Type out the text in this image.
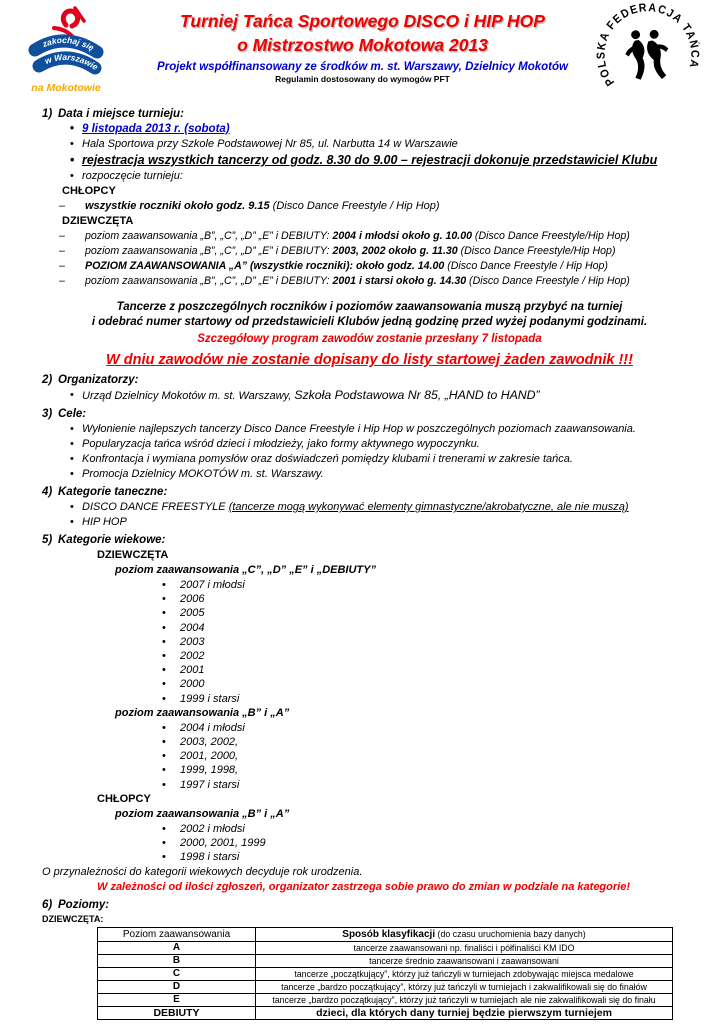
zakochaj się
w Warszawie
na Mokotowie
Turniej Tańca Sportowego DISCO i HIP HOP
o Mistrzostwo Mokotowa 2013
Projekt współfinansowany ze środków m. st. Warszawy, Dzielnicy Mokotów
Regulamin dostosowany do wymogów PFT	POLSKA FEDERACJA TAŃCA
1) Data i miejsce turnieju:
• 9 listopada 2013 r. (sobota)
• Hala Sportowa przy Szkole Podstawowej Nr 85, ul. Narbutta 14 w Warszawie
• rejestracja wszystkich tancerzy od godz. 8.30 do 9.00 – rejestracji dokonuje przedstawiciel Klubu
• rozpoczęcie turnieju:
CHŁOPCY
– wszystkie roczniki około godz. 9.15 (Disco Dance Freestyle / Hip Hop)
DZIEWCZĘTA
– poziom zaawansowania „B”, „C”, „D” „E” i DEBIUTY: 2004 i młodsi około g. 10.00 (Disco Dance Freestyle/Hip Hop)
– poziom zaawansowania „B”, „C”, „D” „E” i DEBIUTY: 2003, 2002 około g. 11.30 (Disco Dance Freestyle/Hip Hop)
– POZIOM ZAAWANSOWANIA „A” (wszystkie roczniki): około godz. 14.00 (Disco Dance Freestyle / Hip Hop)
– poziom zaawansowania „B”, „C”, „D” „E” i DEBIUTY: 2001 i starsi około g. 14.30 (Disco Dance Freestyle / Hip Hop)
Tancerze z poszczególnych roczników i poziomów zaawansowania muszą przybyć na turniej
i odebrać numer startowy od przedstawicieli Klubów jedną godzinę przed wyżej podanymi godzinami.
Szczegółowy program zawodów zostanie przesłany 7 listopada
W dniu zawodów nie zostanie dopisany do listy startowej żaden zawodnik !!!
2) Organizatorzy:
• Urząd Dzielnicy Mokotów m. st. Warszawy, Szkoła Podstawowa Nr 85, „HAND to HAND”
3) Cele:
• Wyłonienie najlepszych tancerzy Disco Dance Freestyle i Hip Hop w poszczególnych poziomach zaawansowania.
• Popularyzacja tańca wśród dzieci i młodzieży, jako formy aktywnego wypoczynku.
• Konfrontacja i wymiana pomysłów oraz doświadczeń pomiędzy klubami i trenerami w zakresie tańca.
• Promocja Dzielnicy MOKOTÓW m. st. Warszawy.
4) Kategorie taneczne:
• DISCO DANCE FREESTYLE (tancerze mogą wykonywać elementy gimnastyczne/akrobatyczne, ale nie muszą)
• HIP HOP
5) Kategorie wiekowe:
DZIEWCZĘTA
poziom zaawansowania „C”, „D” „E” i „DEBIUTY”
• 2007 i młodsi
• 2006
• 2005
• 2004
• 2003
• 2002
• 2001
• 2000
• 1999 i starsi
poziom zaawansowania „B” i „A”
• 2004 i młodsi
• 2003, 2002,
• 2001, 2000,
• 1999, 1998,
• 1997 i starsi
CHŁOPCY
poziom zaawansowania „B” i „A”
• 2002 i młodsi
• 2000, 2001, 1999
• 1998 i starsi
O przynależności do kategorii wiekowych decyduje rok urodzenia.
W zależności od ilości zgłoszeń, organizator zastrzega sobie prawo do zmian w podziale na kategorie!
6) Poziomy:
DZIEWCZĘTA:
Poziom zaawansowania	Sposób klasyfikacji (do czasu uruchomienia bazy danych)
A	tancerze zaawansowani np. finaliści i półfinaliści KM IDO
B	tancerze średnio zaawansowani i zaawansowani
C	tancerze „początkujący”, którzy już tańczyli w turniejach zdobywając miejsca medalowe
D	tancerze „bardzo początkujący”, którzy już tańczyli w turniejach i zakwalifikowali się do finałów
E	tancerze „bardzo początkujący”, którzy już tańczyli w turniejach ale nie zakwalifikowali się do finału
DEBIUTY	dzieci, dla których dany turniej będzie pierwszym turniejem
